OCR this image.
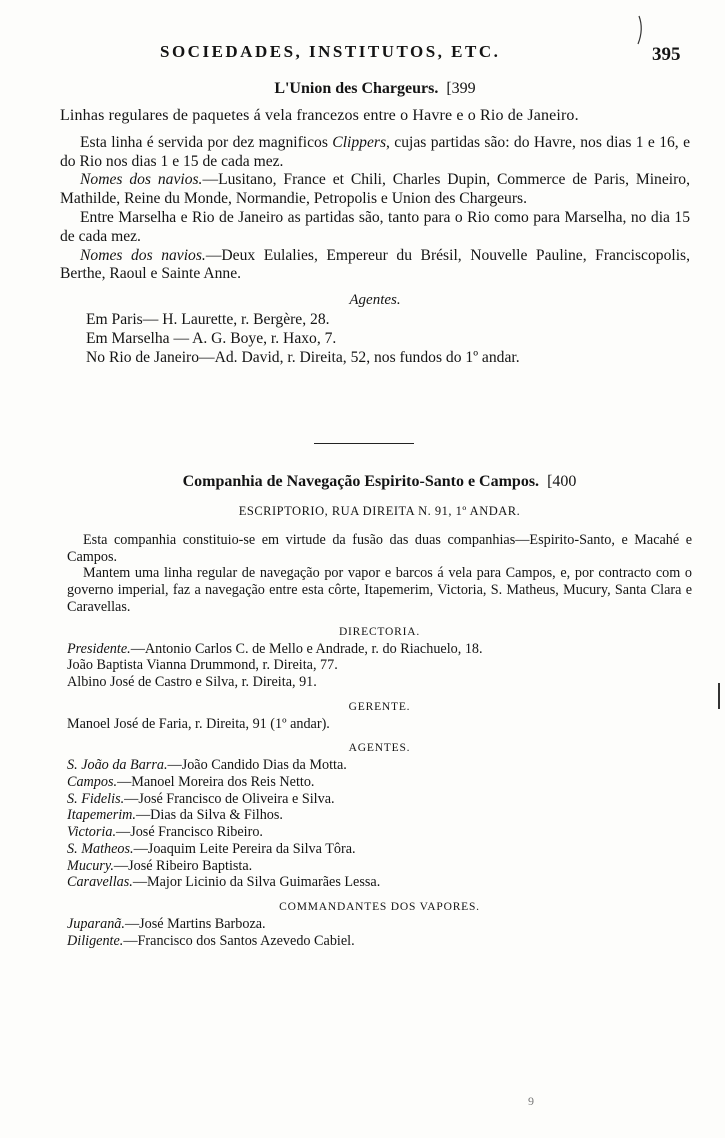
SOCIEDADES, INSTITUTOS, ETC.	395
L'Union des Chargeurs. [399

Linhas regulares de paquetes á vela francezos entre o Havre e o Rio de Janeiro.

Esta linha é servida por dez magnificos Clippers, cujas partidas são: do Havre, nos dias 1 e 16, e do Rio nos dias 1 e 15 de cada mez.

Nomes dos navios.—Lusitano, France et Chili, Charles Dupin, Commerce de Paris, Mineiro, Mathilde, Reine du Monde, Normandie, Petropolis e Union des Chargeurs.

Entre Marselha e Rio de Janeiro as partidas são, tanto para o Rio como para Marselha, no dia 15 de cada mez.

Nomes dos navios.—Deux Eulalies, Empereur du Brésil, Nouvelle Pauline, Franciscopolis, Berthe, Raoul e Sainte Anne.

Agentes.

Em Paris— H. Laurette, r. Bergère, 28.
Em Marselha — A. G. Boye, r. Haxo, 7.
No Rio de Janeiro—Ad. David, r. Direita, 52, nos fundos do 1º andar.
Companhia de Navegação Espirito-Santo e Campos. [400
ESCRIPTORIO, RUA DIREITA N. 91, 1º ANDAR.

Esta companhia constituio-se em virtude da fusão das duas companhias—Espirito-Santo, e Macahé e Campos.

Mantem uma linha regular de navegação por vapor e barcos á vela para Campos, e, por contracto com o governo imperial, faz a navegação entre esta côrte, Itapemerim, Victoria, S. Matheus, Mucury, Santa Clara e Caravellas.

DIRECTORIA.
Presidente.—Antonio Carlos C. de Mello e Andrade, r. do Riachuelo, 18.
João Baptista Vianna Drummond, r. Direita, 77.
Albino José de Castro e Silva, r. Direita, 91.
GERENTE.
Manoel José de Faria, r. Direita, 91 (1º andar).
AGENTES.
S. João da Barra.—João Candido Dias da Motta.
Campos.—Manoel Moreira dos Reis Netto.
S. Fidelis.—José Francisco de Oliveira e Silva.
Itapemerim.—Dias da Silva & Filhos.
Victoria.—José Francisco Ribeiro.
S. Matheos.—Joaquim Leite Pereira da Silva Tôra.
Mucury.—José Ribeiro Baptista.
Caravellas.—Major Licinio da Silva Guimarães Lessa.
COMMANDANTES DOS VAPORES.
Juparanã.—José Martins Barboza.
Diligente.—Francisco dos Santos Azevedo Cabiel.
9
